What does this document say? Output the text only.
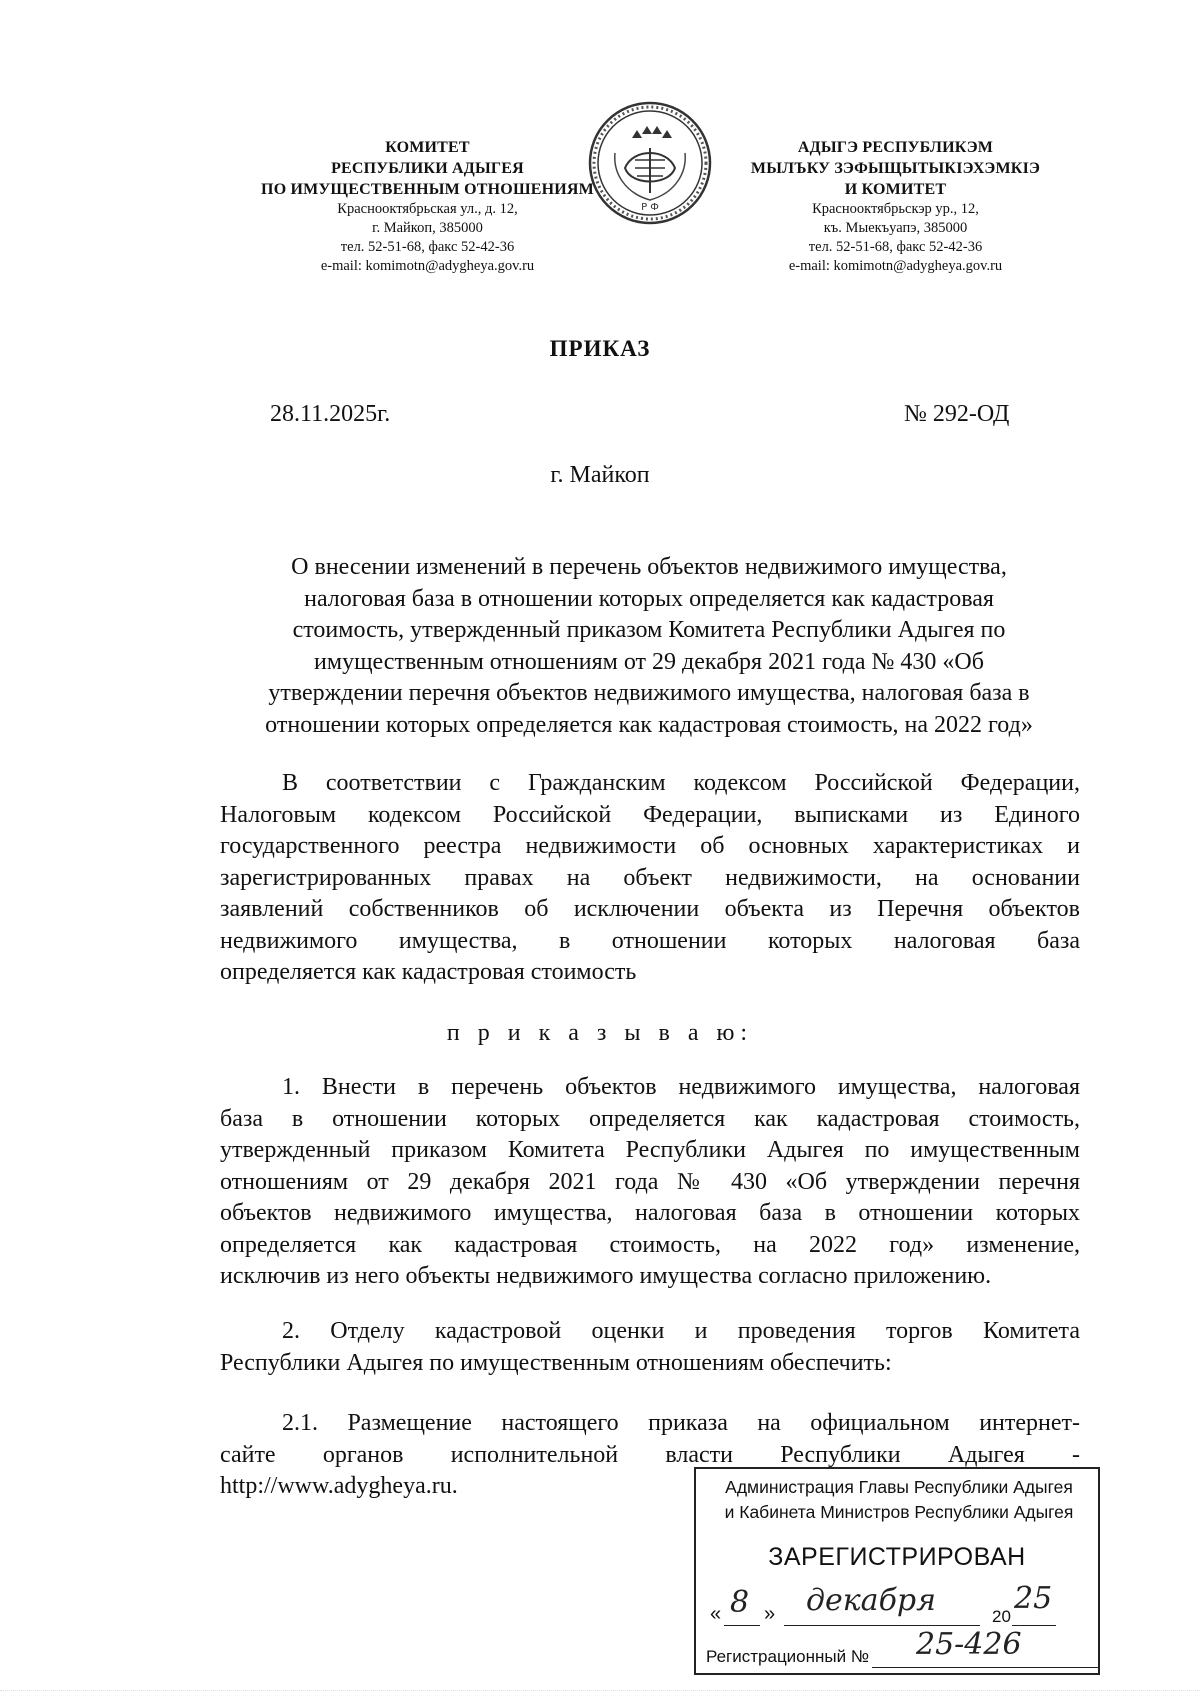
КОМИТЕТ
РЕСПУБЛИКИ АДЫГЕЯ
ПО ИМУЩЕСТВЕННЫМ ОТНОШЕНИЯМ
Краснооктябрьская ул., д. 12,
г. Майкоп, 385000
тел. 52-51-68, факс 52-42-36
e-mail: komimotn@adygheya.gov.ru
Р Ф
АДЫГЭ РЕСПУБЛИКЭМ
МЫЛЪКУ ЗЭФЫЩЫТЫКIЭХЭМКIЭ
И КОМИТЕТ
Краснооктябрьскэр ур., 12,
къ. Мыекъуапэ, 385000
тел. 52-51-68, факс 52-42-36
e-mail: komimotn@adygheya.gov.ru
ПРИКАЗ
28.11.2025г.	№ 292-ОД
г. Майкоп
О внесении изменений в перечень объектов недвижимого имущества,
налоговая база в отношении которых определяется как кадастровая
стоимость, утвержденный приказом Комитета Республики Адыгея по
имущественным отношениям от 29 декабря 2021 года № 430 «Об
утверждении перечня объектов недвижимого имущества, налоговая база в
отношении которых определяется как кадастровая стоимость, на 2022 год»
В соответствии с Гражданским кодексом Российской Федерации,
Налоговым кодексом Российской Федерации, выписками из Единого
государственного реестра недвижимости об основных характеристиках и
зарегистрированных правах на объект недвижимости, на основании
заявлений собственников об исключении объекта из Перечня объектов
недвижимого имущества, в отношении которых налоговая база
определяется как кадастровая стоимость
п р и к а з ы в а ю:
1. Внести в перечень объектов недвижимого имущества, налоговая
база в отношении которых определяется как кадастровая стоимость,
утвержденный приказом Комитета Республики Адыгея по имущественным
отношениям от 29 декабря 2021 года № 430 «Об утверждении перечня
объектов недвижимого имущества, налоговая база в отношении которых
определяется как кадастровая стоимость, на 2022 год» изменение,
исключив из него объекты недвижимого имущества согласно приложению.
2. Отделу кадастровой оценки и проведения торгов Комитета
Республики Адыгея по имущественным отношениям обеспечить:
2.1. Размещение настоящего приказа на официальном интернет-
сайте органов исполнительной власти Республики Адыгея -
http://www.adygheya.ru.	Администрация Главы Республики Адыгея
и Кабинета Министров Республики Адыгея
ЗАРЕГИСТРИРОВАН
« 8 » декабря	20
25
Регистрационный № 25-426
